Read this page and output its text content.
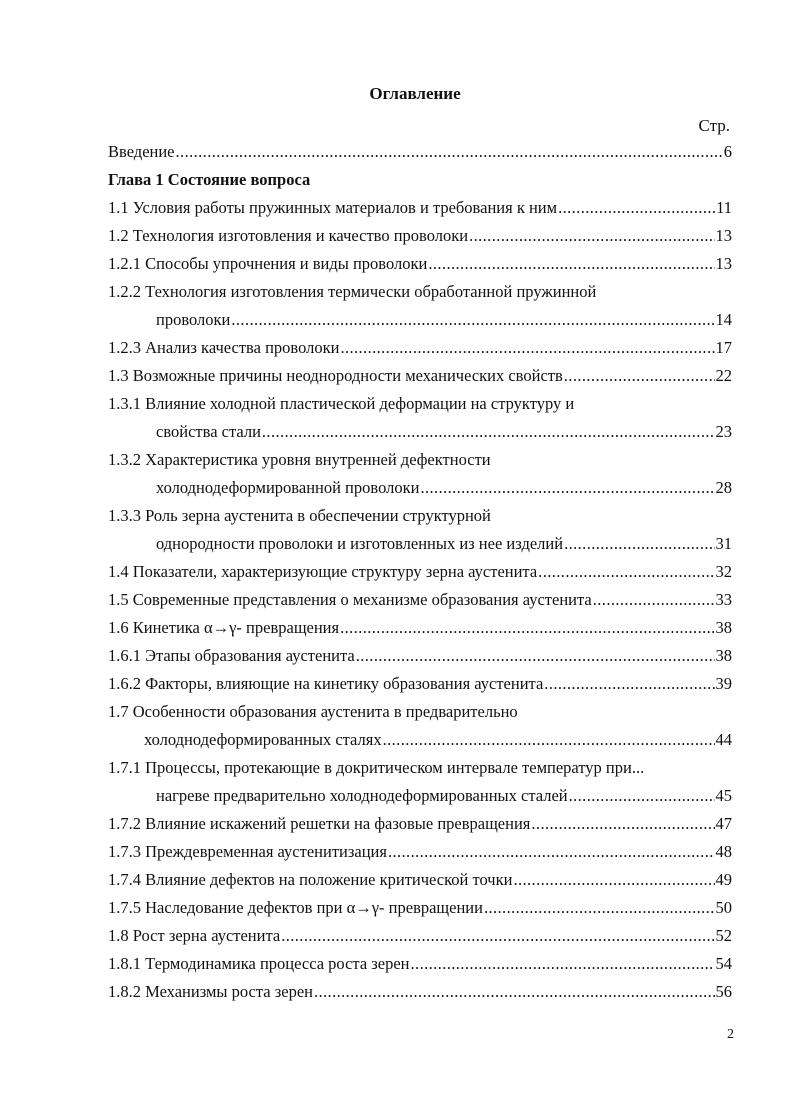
Оглавление
Стр.
Введение .....	6
Глава 1 Состояние вопроса
1.1 Условия работы пружинных материалов и требования к ним .....	11
1.2 Технология изготовления и качество проволоки .....	13
1.2.1 Способы упрочнения и виды проволоки .....	13
1.2.2 Технология изготовления термически обработанной пружинной
проволоки .....	14
1.2.3 Анализ качества проволоки .....	17
1.3 Возможные причины неоднородности механических свойств .....	22
1.3.1 Влияние холодной пластической деформации на структуру и
свойства стали .....	23
1.3.2 Характеристика уровня внутренней дефектности
холоднодеформированной проволоки .....	28
1.3.3 Роль зерна аустенита в обеспечении структурной
однородности проволоки и изготовленных из нее изделий .....	31
1.4 Показатели, характеризующие структуру зерна аустенита .....	32
1.5 Современные представления о механизме образования аустенита .....	33
1.6 Кинетика α→γ- превращения .....	38
1.6.1 Этапы образования аустенита .....	38
1.6.2 Факторы, влияющие на кинетику образования аустенита .....	39
1.7 Особенности образования аустенита в предварительно
холоднодеформированных сталях .....	44
1.7.1 Процессы, протекающие в докритическом интервале температур при...
нагреве предварительно холоднодеформированных сталей .....	45
1.7.2 Влияние искажений решетки на фазовые превращения .....	47
1.7.3 Преждевременная аустенитизация .....	48
1.7.4 Влияние дефектов на положение критической точки .....	49
1.7.5 Наследование дефектов при α→γ- превращении .....	50
1.8 Рост зерна аустенита .....	52
1.8.1 Термодинамика процесса роста зерен .....	54
1.8.2 Механизмы роста зерен .....	56
2
